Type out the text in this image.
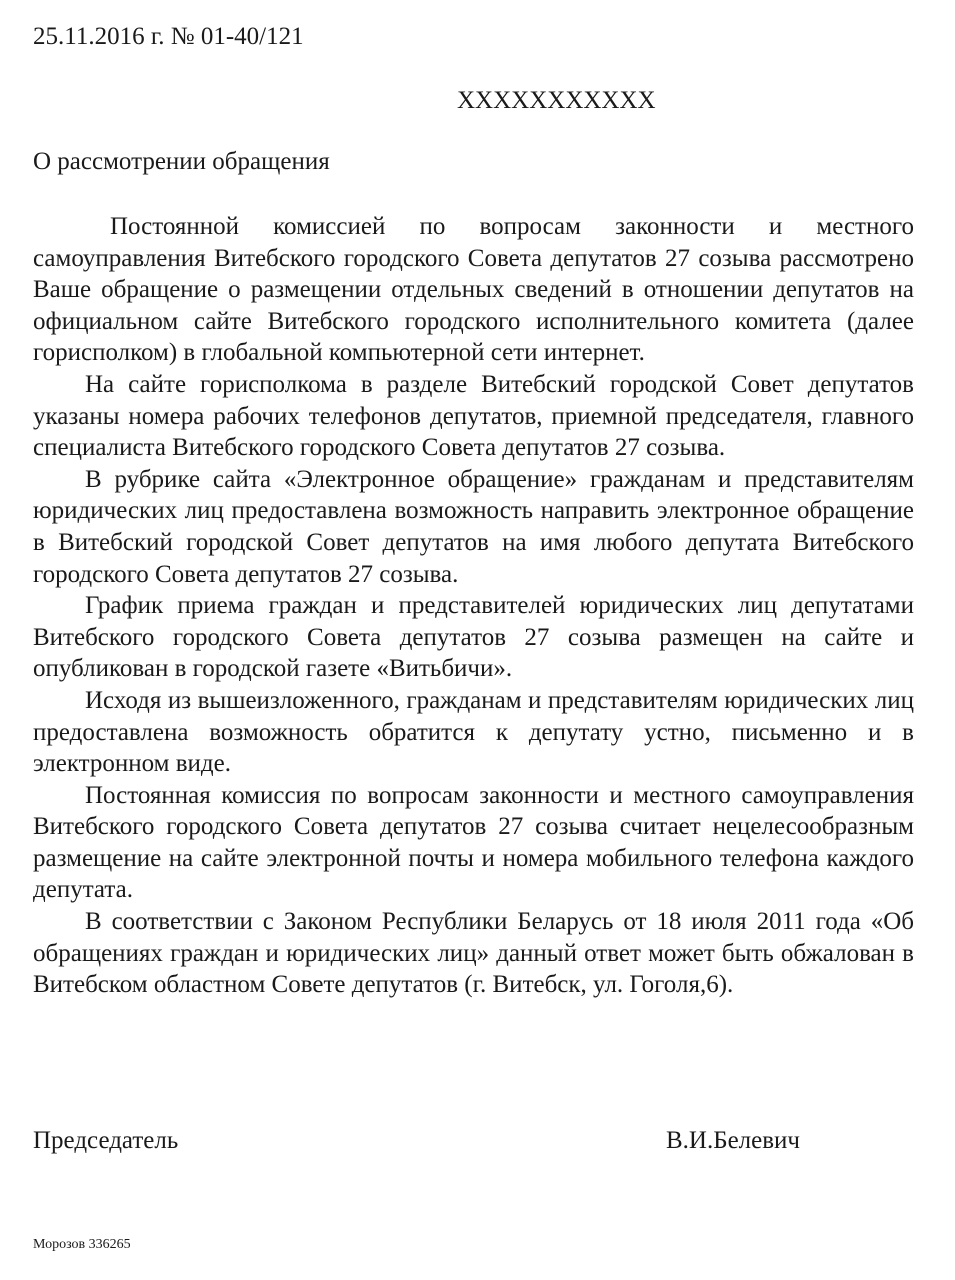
25.11.2016 г. № 01-40/121
XXXXXXXXXXX
О рассмотрении обращения

Постоянной комиссией по вопросам законности и местного самоуправления Витебского городского Совета депутатов 27 созыва рассмотрено Ваше обращение о размещении отдельных сведений в отношении депутатов на официальном сайте Витебского городского исполнительного комитета (далее горисполком) в глобальной компьютерной сети интернет.

На сайте горисполкома в разделе Витебский городской Совет депутатов указаны номера рабочих телефонов депутатов, приемной председателя, главного специалиста Витебского городского Совета депутатов 27 созыва.

В рубрике сайта «Электронное обращение» гражданам и представителям юридических лиц предоставлена возможность направить электронное обращение в Витебский городской Совет депутатов на имя любого депутата Витебского городского Совета депутатов 27 созыва.

График приема граждан и представителей юридических лиц депутатами Витебского городского Совета депутатов 27 созыва размещен на сайте и опубликован в городской газете «Витьбичи».

Исходя из вышеизложенного, гражданам и представителям юридических лиц предоставлена возможность обратится к депутату устно, письменно и в электронном виде.

Постоянная комиссия по вопросам законности и местного самоуправления Витебского городского Совета депутатов 27 созыва считает нецелесообразным размещение на сайте электронной почты и номера мобильного телефона каждого депутата.

В соответствии с Законом Республики Беларусь от 18 июля 2011 года «Об обращениях граждан и юридических лиц» данный ответ может быть обжалован в Витебском областном Совете депутатов (г. Витебск, ул. Гоголя,6).

Председатель	В.И.Белевич
Морозов 336265
